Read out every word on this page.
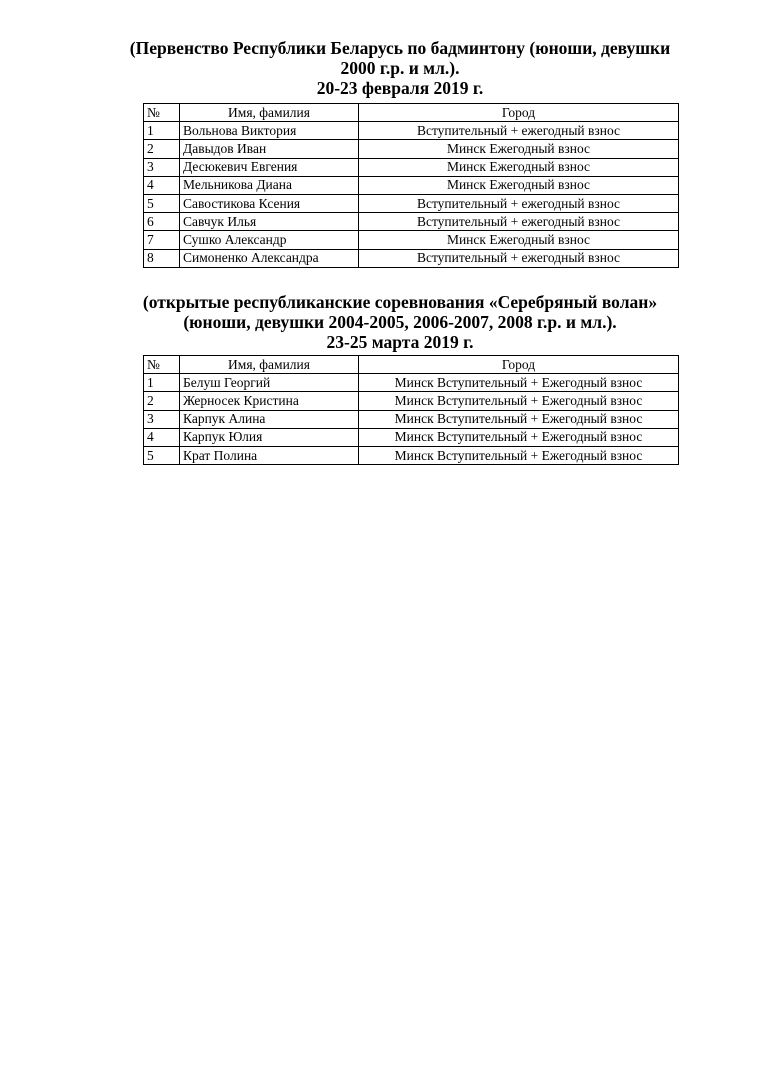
(Первенство Республики Беларусь по бадминтону (юноши, девушки
2000 г.р. и мл.).
20-23 февраля 2019 г.
№	Имя, фамилия	Город
1	Вольнова Виктория	Вступительный + ежегодный взнос
2	Давыдов Иван	Минск Ежегодный взнос
3	Десюкевич Евгения	Минск Ежегодный взнос
4	Мельникова Диана	Минск Ежегодный взнос
5	Савостикова Ксения	Вступительный + ежегодный взнос
6	Савчук Илья	Вступительный + ежегодный взнос
7	Сушко Александр	Минск Ежегодный взнос
8	Симоненко Александра	Вступительный + ежегодный взнос
(открытые республиканские соревнования «Серебряный волан»
(юноши, девушки 2004-2005, 2006-2007, 2008 г.р. и мл.).
23-25 марта 2019 г.
№	Имя, фамилия	Город
1	Белуш Георгий	Минск Вступительный + Ежегодный взнос
2	Жерносек Кристина	Минск Вступительный + Ежегодный взнос
3	Карпук Алина	Минск Вступительный + Ежегодный взнос
4	Карпук Юлия	Минск Вступительный + Ежегодный взнос
5	Крат Полина	Минск Вступительный + Ежегодный взнос
